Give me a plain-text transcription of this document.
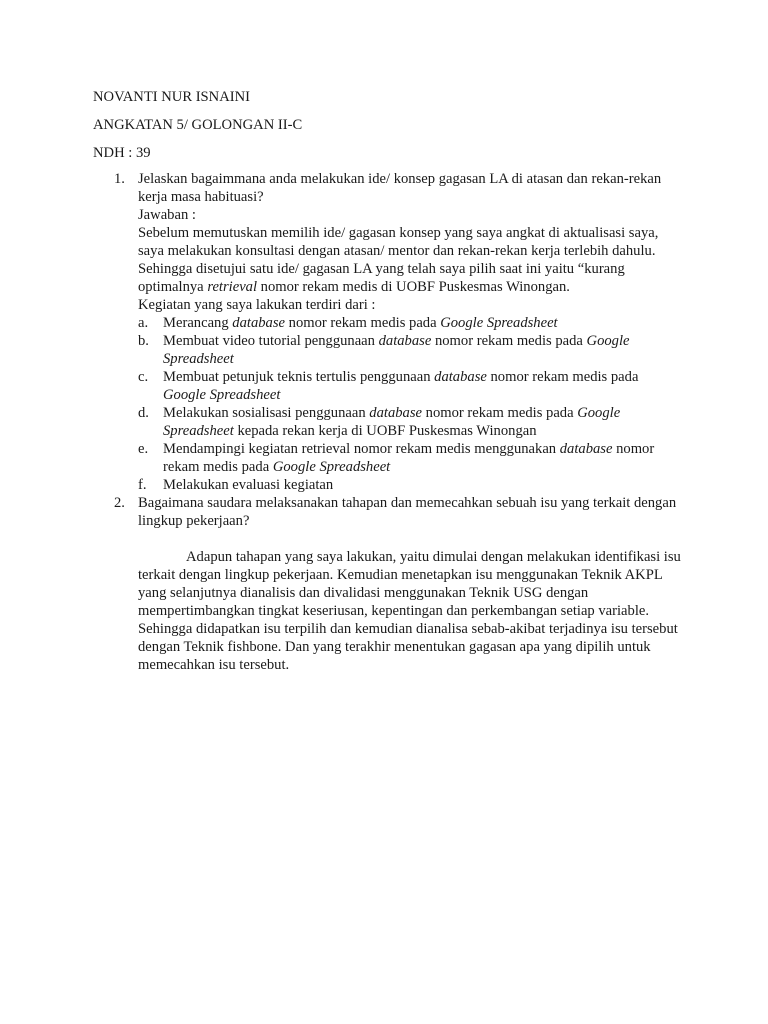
NOVANTI NUR ISNAINI
ANGKATAN 5/ GOLONGAN II-C
NDH : 39
1. Jelaskan bagaimmana anda melakukan ide/ konsep gagasan LA di atasan dan rekan-rekan kerja masa habituasi?
Jawaban :
Sebelum memutuskan memilih ide/ gagasan konsep yang saya angkat di aktualisasi saya, saya melakukan konsultasi dengan atasan/ mentor dan rekan-rekan kerja terlebih dahulu. Sehingga disetujui satu ide/ gagasan LA yang telah saya pilih saat ini yaitu “kurang optimalnya retrieval nomor rekam medis di UOBF Puskesmas Winongan.
Kegiatan yang saya lakukan terdiri dari :
a. Merancang database nomor rekam medis pada Google Spreadsheet
b. Membuat video tutorial penggunaan database nomor rekam medis pada Google Spreadsheet
c. Membuat petunjuk teknis tertulis penggunaan database nomor rekam medis pada Google Spreadsheet
d. Melakukan sosialisasi penggunaan database nomor rekam medis pada Google Spreadsheet kepada rekan kerja di UOBF Puskesmas Winongan
e. Mendampingi kegiatan retrieval nomor rekam medis menggunakan database nomor rekam medis pada Google Spreadsheet
f. Melakukan evaluasi kegiatan
2. Bagaimana saudara melaksanakan tahapan dan memecahkan sebuah isu yang terkait dengan lingkup pekerjaan?
Adapun tahapan yang saya lakukan, yaitu dimulai dengan melakukan identifikasi isu terkait dengan lingkup pekerjaan. Kemudian menetapkan isu menggunakan Teknik AKPL yang selanjutnya dianalisis dan divalidasi menggunakan Teknik USG dengan mempertimbangkan tingkat keseriusan, kepentingan dan perkembangan setiap variable. Sehingga didapatkan isu terpilih dan kemudian dianalisa sebab-akibat terjadinya isu tersebut dengan Teknik fishbone. Dan yang terakhir menentukan gagasan apa yang dipilih untuk memecahkan isu tersebut.
